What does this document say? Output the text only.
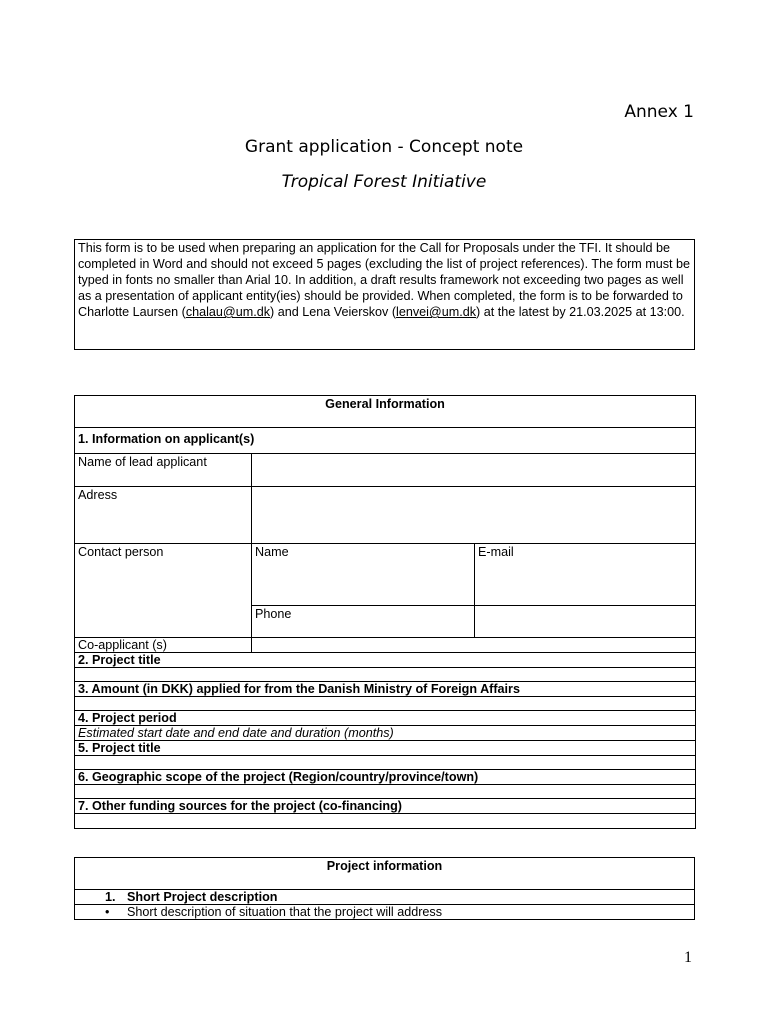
Annex 1
Grant application - Concept note
Tropical Forest Initiative
This form is to be used when preparing an application for the Call for Proposals under the TFI. It should be completed in Word and should not exceed 5 pages (excluding the list of project references). The form must be typed in fonts no smaller than Arial 10. In addition, a draft results framework not exceeding two pages as well as a presentation of applicant entity(ies) should be provided. When completed, the form is to be forwarded to Charlotte Laursen (chalau@um.dk) and Lena Veierskov (lenvei@um.dk) at the latest by 21.03.2025 at 13:00.
General Information		
1. Information on applicant(s)		
Name of lead applicant		
Adress		
Contact person	Name	E-mail
	Phone	
Co-applicant (s)		
2. Project title		

3. Amount (in DKK) applied for from the Danish Ministry of Foreign Affairs		

4. Project period		
Estimated start date and end date and duration (months)		
5. Project title		

6. Geographic scope of the project (Region/country/province/town)		

7. Other funding sources for the project (co-financing)		

Project information
1. Short Project description
• Short description of situation that the project will address
1
